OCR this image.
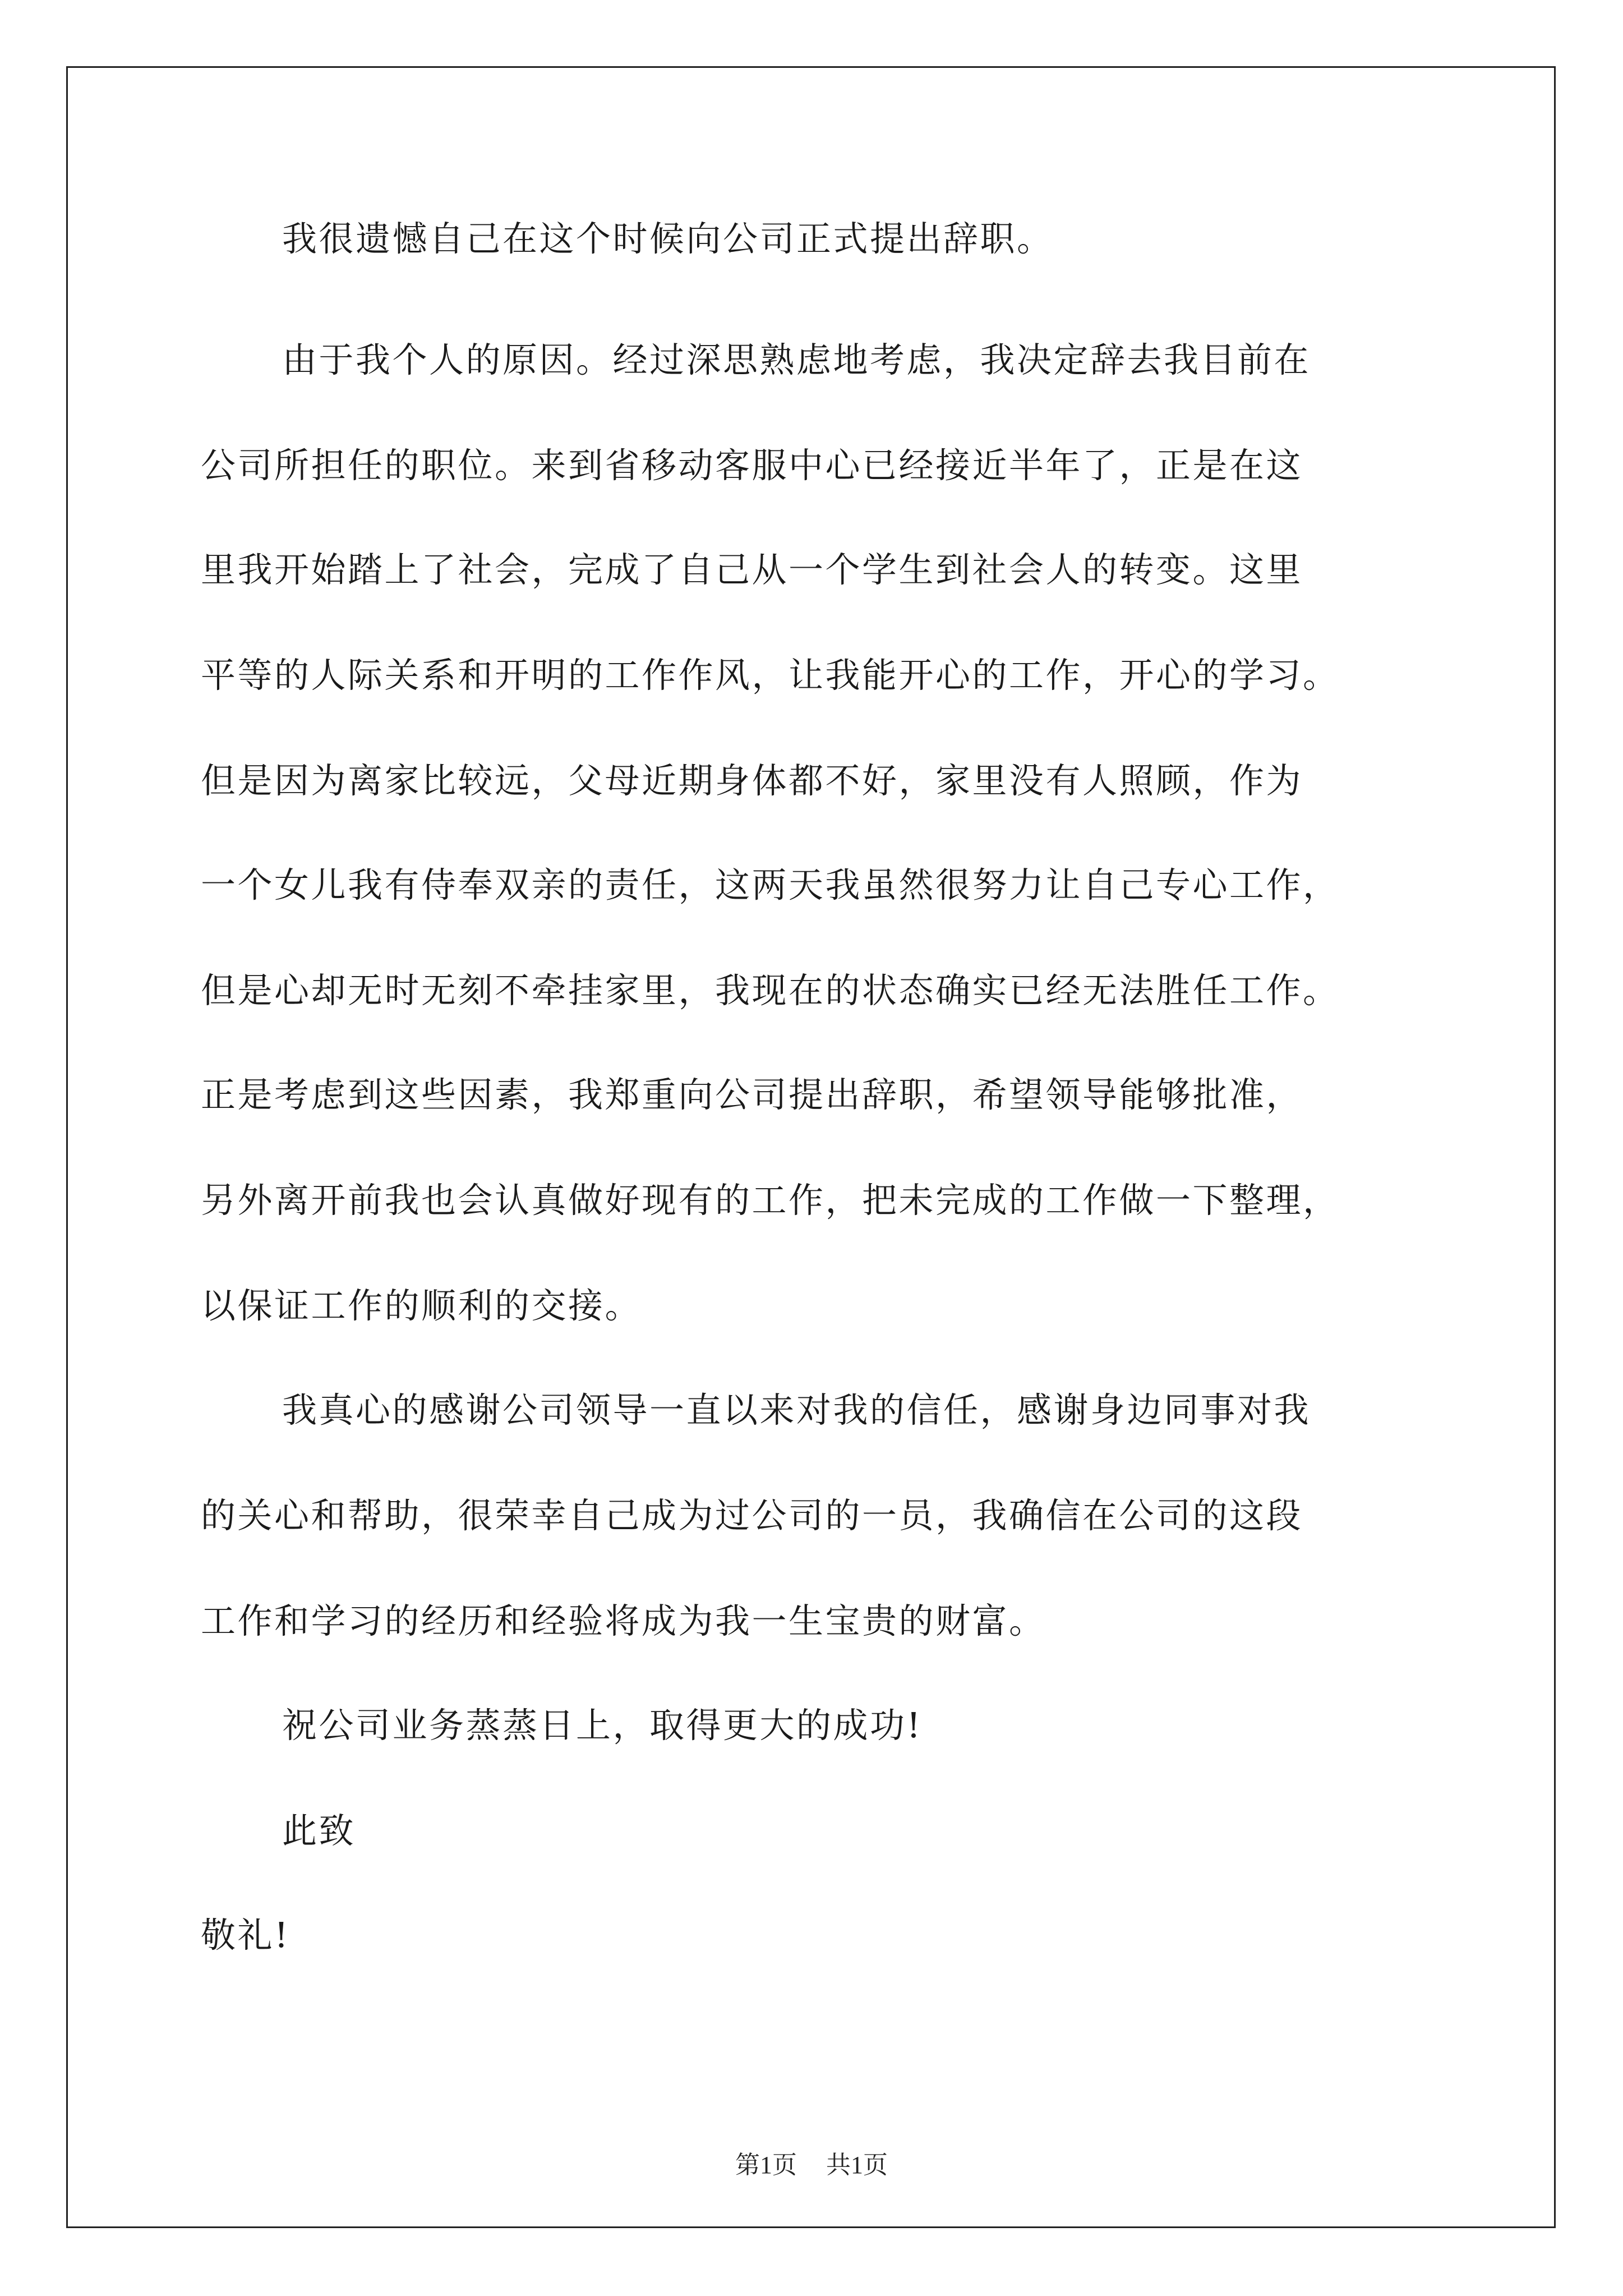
我很遗憾自己在这个时候向公司正式提出辞职。
由于我个人的原因。经过深思熟虑地考虑，我决定辞去我目前在
公司所担任的职位。来到省移动客服中心已经接近半年了，正是在这
里我开始踏上了社会，完成了自己从一个学生到社会人的转变。这里
平等的人际关系和开明的工作作风，让我能开心的工作，开心的学习。
但是因为离家比较远，父母近期身体都不好，家里没有人照顾，作为
一个女儿我有侍奉双亲的责任，这两天我虽然很努力让自己专心工作，
但是心却无时无刻不牵挂家里，我现在的状态确实已经无法胜任工作。
正是考虑到这些因素，我郑重向公司提出辞职，希望领导能够批准，
另外离开前我也会认真做好现有的工作，把未完成的工作做一下整理，
以保证工作的顺利的交接。
我真心的感谢公司领导一直以来对我的信任，感谢身边同事对我
的关心和帮助，很荣幸自己成为过公司的一员，我确信在公司的这段
工作和学习的经历和经验将成为我一生宝贵的财富。
祝公司业务蒸蒸日上，取得更大的成功!
此致
敬礼!
第1页 共1页
